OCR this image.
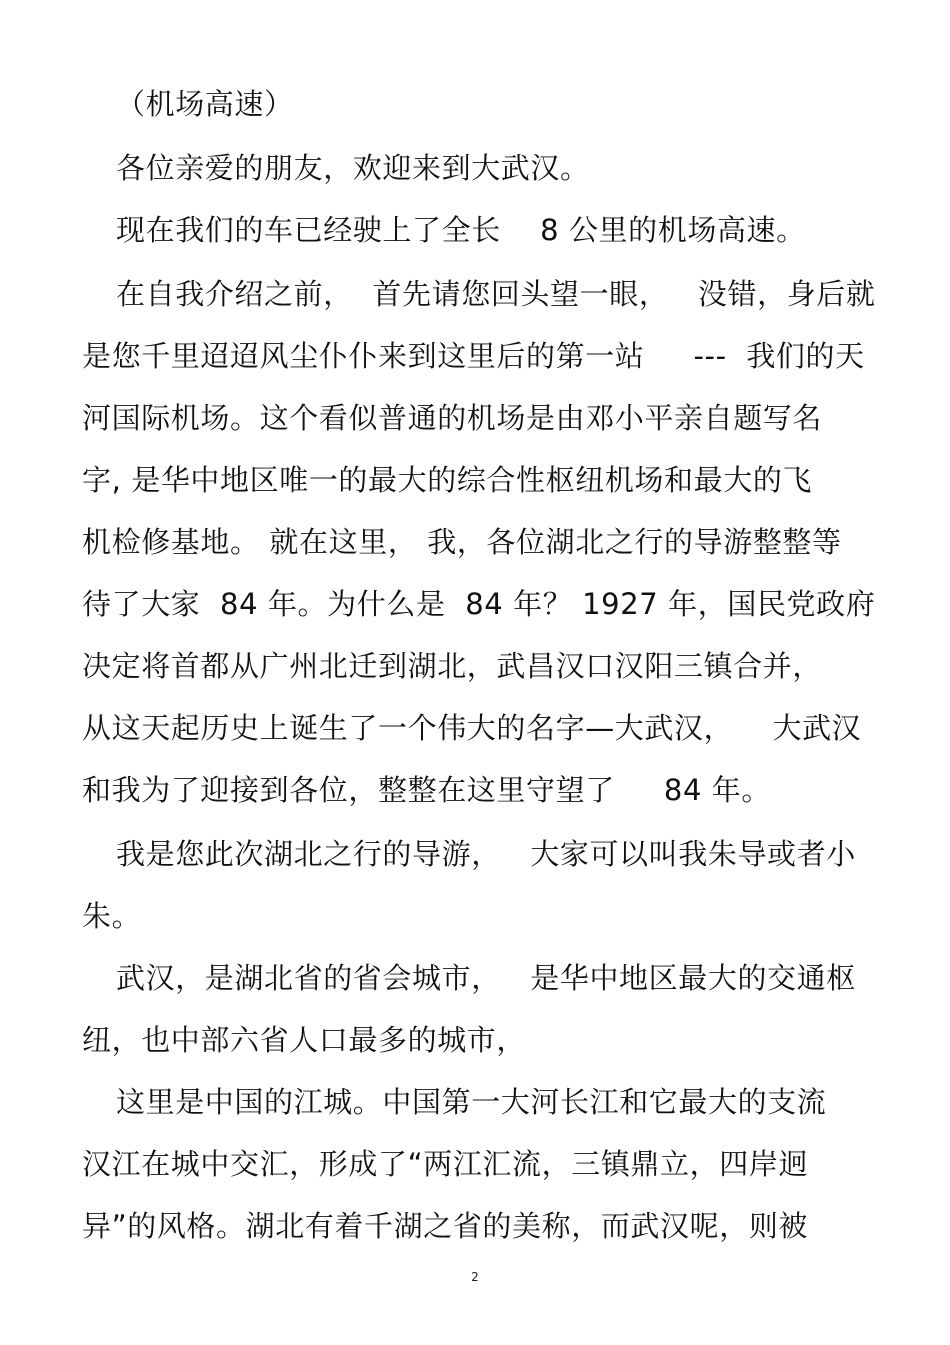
（机场高速）
各位亲爱的朋友，欢迎来到大武汉。
现在我们的车已经驶上了全长    8 公里的机场高速。
在自我介绍之前，  首先请您回头望一眼，   没错，身后就
是您千里迢迢风尘仆仆来到这里后的第一站     ---  我们的天
河国际机场。这个看似普通的机场是由邓小平亲自题写名
字, 是华中地区唯一的最大的综合性枢纽机场和最大的飞
机检修基地。 就在这里， 我，各位湖北之行的导游整整等
待了大家  84 年。为什么是  84 年？ 1927 年，国民党政府
决定将首都从广州北迁到湖北，武昌汉口汉阳三镇合并，
从这天起历史上诞生了一个伟大的名字—大武汉，    大武汉
和我为了迎接到各位，整整在这里守望了     84 年。
我是您此次湖北之行的导游，   大家可以叫我朱导或者小
朱。
武汉，是湖北省的省会城市，   是华中地区最大的交通枢
纽，也中部六省人口最多的城市，
这里是中国的江城。中国第一大河长江和它最大的支流
汉江在城中交汇，形成了“两江汇流，三镇鼎立，四岸迥
异”的风格。湖北有着千湖之省的美称，而武汉呢，则被
2
